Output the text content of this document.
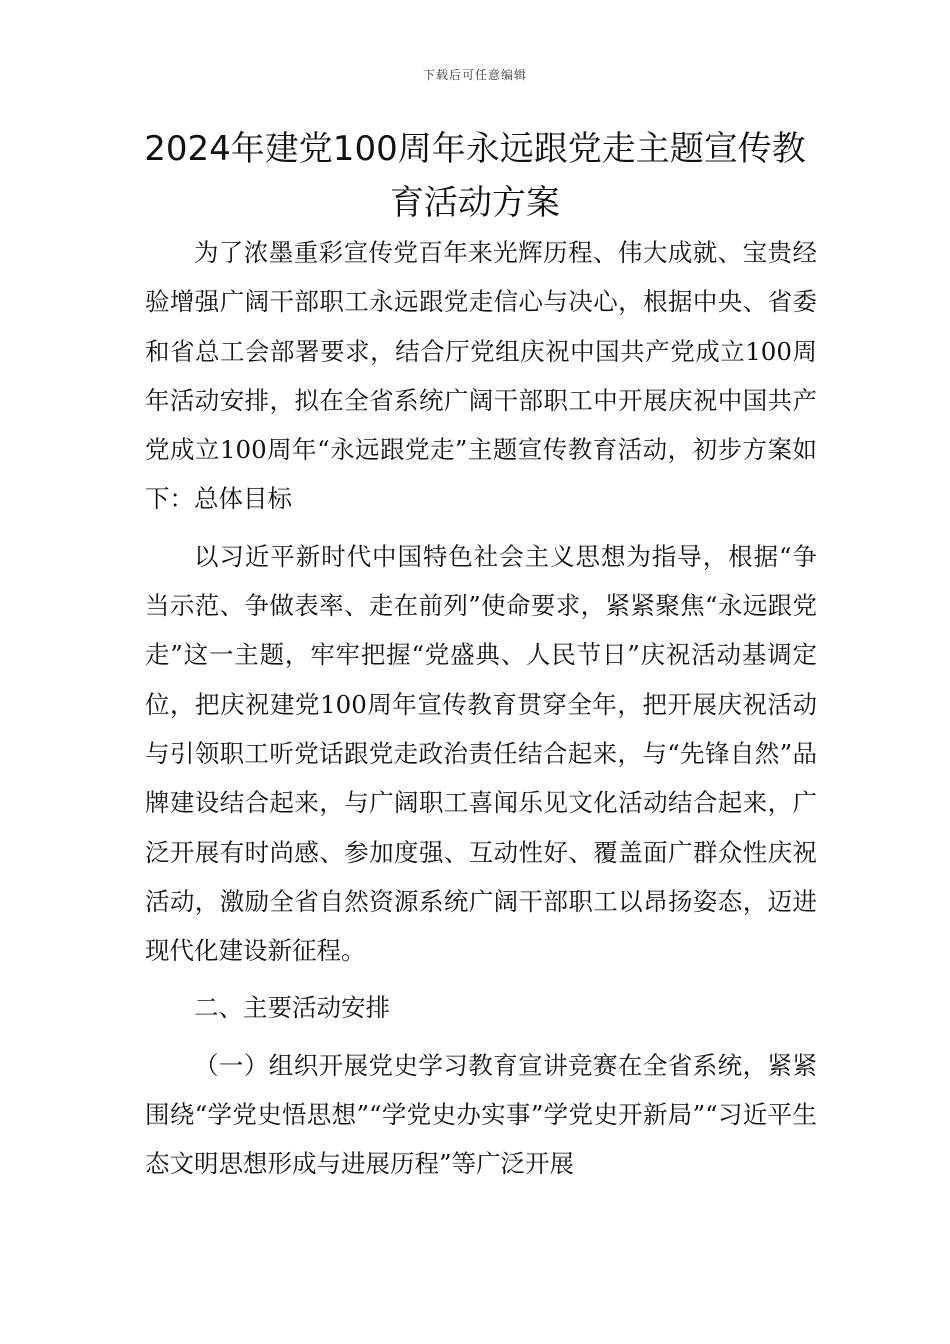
下载后可任意编辑
2024年建党100周年永远跟党走主题宣传教育活动方案

为了浓墨重彩宣传党百年来光辉历程、伟大成就、宝贵经验增强广阔干部职工永远跟党走信心与决心，根据中央、省委和省总工会部署要求，结合厅党组庆祝中国共产党成立100周年活动安排，拟在全省系统广阔干部职工中开展庆祝中国共产党成立100周年“永远跟党走”主题宣传教育活动，初步方案如下：总体目标

以习近平新时代中国特色社会主义思想为指导，根据“争当示范、争做表率、走在前列”使命要求，紧紧聚焦“永远跟党走”这一主题，牢牢把握“党盛典、人民节日”庆祝活动基调定位，把庆祝建党100周年宣传教育贯穿全年，把开展庆祝活动与引领职工听党话跟党走政治责任结合起来，与“先锋自然”品牌建设结合起来，与广阔职工喜闻乐见文化活动结合起来，广泛开展有时尚感、参加度强、互动性好、覆盖面广群众性庆祝活动，激励全省自然资源系统广阔干部职工以昂扬姿态，迈进现代化建设新征程。

二、主要活动安排

（一）组织开展党史学习教育宣讲竞赛在全省系统，紧紧围绕“学党史悟思想”“学党史办实事”学党史开新局”“习近平生态文明思想形成与进展历程”等广泛开展
